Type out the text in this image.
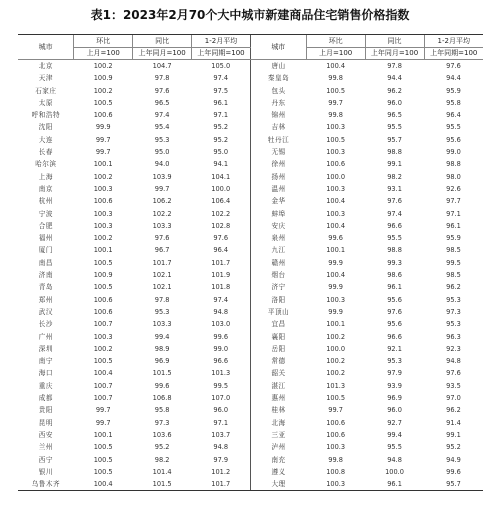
表1：2023年2月70个大中城市新建商品住宅销售价格指数
城市	环比	同比	1-2月平均	城市	环比	同比	1-2月平均
	上月=100	上年同月=100	上年同期=100		上月=100	上年同月=100	上年同期=100
北京	100.2	104.7	105.0	唐山	100.4	97.8	97.6
天津	100.9	97.8	97.4	秦皇岛	99.8	94.4	94.4
石家庄	100.2	97.6	97.5	包头	100.5	96.2	95.9
太原	100.5	96.5	96.1	丹东	99.7	96.0	95.8
呼和浩特	100.6	97.4	97.1	锦州	99.8	96.5	96.4
沈阳	99.9	95.4	95.2	吉林	100.3	95.5	95.5
大连	99.7	95.3	95.2	牡丹江	100.5	95.7	95.6
长春	99.7	95.0	95.0	无锡	100.3	98.8	99.0
哈尔滨	100.1	94.0	94.1	徐州	100.6	99.1	98.8
上海	100.2	103.9	104.1	扬州	100.0	98.2	98.0
南京	100.3	99.7	100.0	温州	100.3	93.1	92.6
杭州	100.6	106.2	106.4	金华	100.4	97.6	97.7
宁波	100.3	102.2	102.2	蚌埠	100.3	97.4	97.1
合肥	100.3	103.3	102.8	安庆	100.4	96.6	96.1
福州	100.2	97.6	97.6	泉州	99.6	95.5	95.9
厦门	100.1	96.7	96.4	九江	100.1	98.8	98.5
南昌	100.5	101.7	101.7	赣州	99.9	99.3	99.5
济南	100.9	102.1	101.9	烟台	100.4	98.6	98.5
青岛	100.5	102.1	101.8	济宁	99.9	96.1	96.2
郑州	100.6	97.8	97.4	洛阳	100.3	95.6	95.3
武汉	100.6	95.3	94.8	平顶山	99.9	97.6	97.3
长沙	100.7	103.3	103.0	宜昌	100.1	95.6	95.3
广州	100.3	99.4	99.6	襄阳	100.2	96.6	96.3
深圳	100.2	98.9	99.0	岳阳	100.0	92.1	92.3
南宁	100.5	96.9	96.6	常德	100.2	95.3	94.8
海口	100.4	101.5	101.3	韶关	100.2	97.9	97.6
重庆	100.7	99.6	99.5	湛江	101.3	93.9	93.5
成都	100.7	106.8	107.0	惠州	100.5	96.9	97.0
贵阳	99.7	95.8	96.0	桂林	99.7	96.0	96.2
昆明	99.7	97.3	97.1	北海	100.6	92.7	91.4
西安	100.1	103.6	103.7	三亚	100.6	99.4	99.1
兰州	100.5	95.2	94.8	泸州	100.3	95.5	95.2
西宁	100.5	98.2	97.9	南充	99.8	94.8	94.9
银川	100.5	101.4	101.2	遵义	100.8	100.0	99.6
乌鲁木齐	100.4	101.5	101.7	大理	100.3	96.1	95.7
